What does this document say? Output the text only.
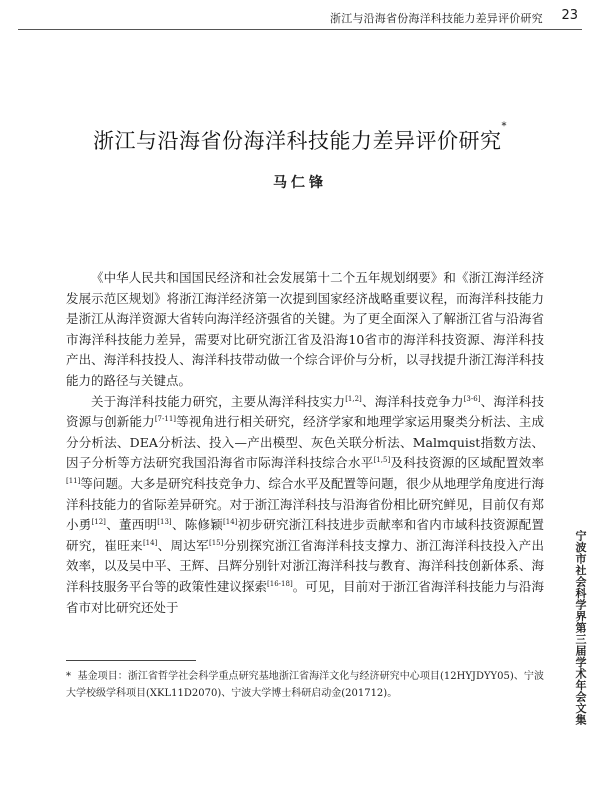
浙江与沿海省份海洋科技能力差异评价研究 23
浙江与沿海省份海洋科技能力差异评价研究*
马仁锋

《中华人民共和国国民经济和社会发展第十二个五年规划纲要》和《浙江海洋经济发展示范区规划》将浙江海洋经济第一次提到国家经济战略重要议程，而海洋科技能力是浙江从海洋资源大省转向海洋经济强省的关键。为了更全面深入了解浙江省与沿海省市海洋科技能力差异，需要对比研究浙江省及沿海10省市的海洋科技资源、海洋科技产出、海洋科技投人、海洋科技带动做一个综合评价与分析，以寻找提升浙江海洋科技能力的路径与关键点。

关于海洋科技能力研究，主要从海洋科技实力[1,2]、海洋科技竞争力[3-6]、海洋科技资源与创新能力[7-11]等视角进行相关研究，经济学家和地理学家运用聚类分析法、主成分分析法、DEA分析法、投入—产出模型、灰色关联分析法、Malmquist指数方法、因子分析等方法研究我国沿海省市际海洋科技综合水平[1,5]及科技资源的区域配置效率[11]等问题。大多是研究科技竞争力、综合水平及配置等问题，很少从地理学角度进行海洋科技能力的省际差异研究。对于浙江海洋科技与沿海省份相比研究鲜见，目前仅有郑小勇[12]、董西明[13]、陈修颖[14]初步研究浙江科技进步贡献率和省内市域科技资源配置研究，崔旺来[14]、周达军[15]分别探究浙江省海洋科技支撑力、浙江海洋科技投入产出效率，以及吴中平、王辉、吕辉分别针对浙江海洋科技与教育、海洋科技创新体系、海洋科技服务平台等的政策性建议探索[16-18]。可见，目前对于浙江省海洋科技能力与沿海省市对比研究还处于

* 基金项目：浙江省哲学社会科学重点研究基地浙江省海洋文化与经济研究中心项目(12HYJDYY05)、宁波大学校级学科项目(XKL11D2070)、宁波大学博士科研启动金(201712)。	宁波市社会科学界第三届学术年会文集
